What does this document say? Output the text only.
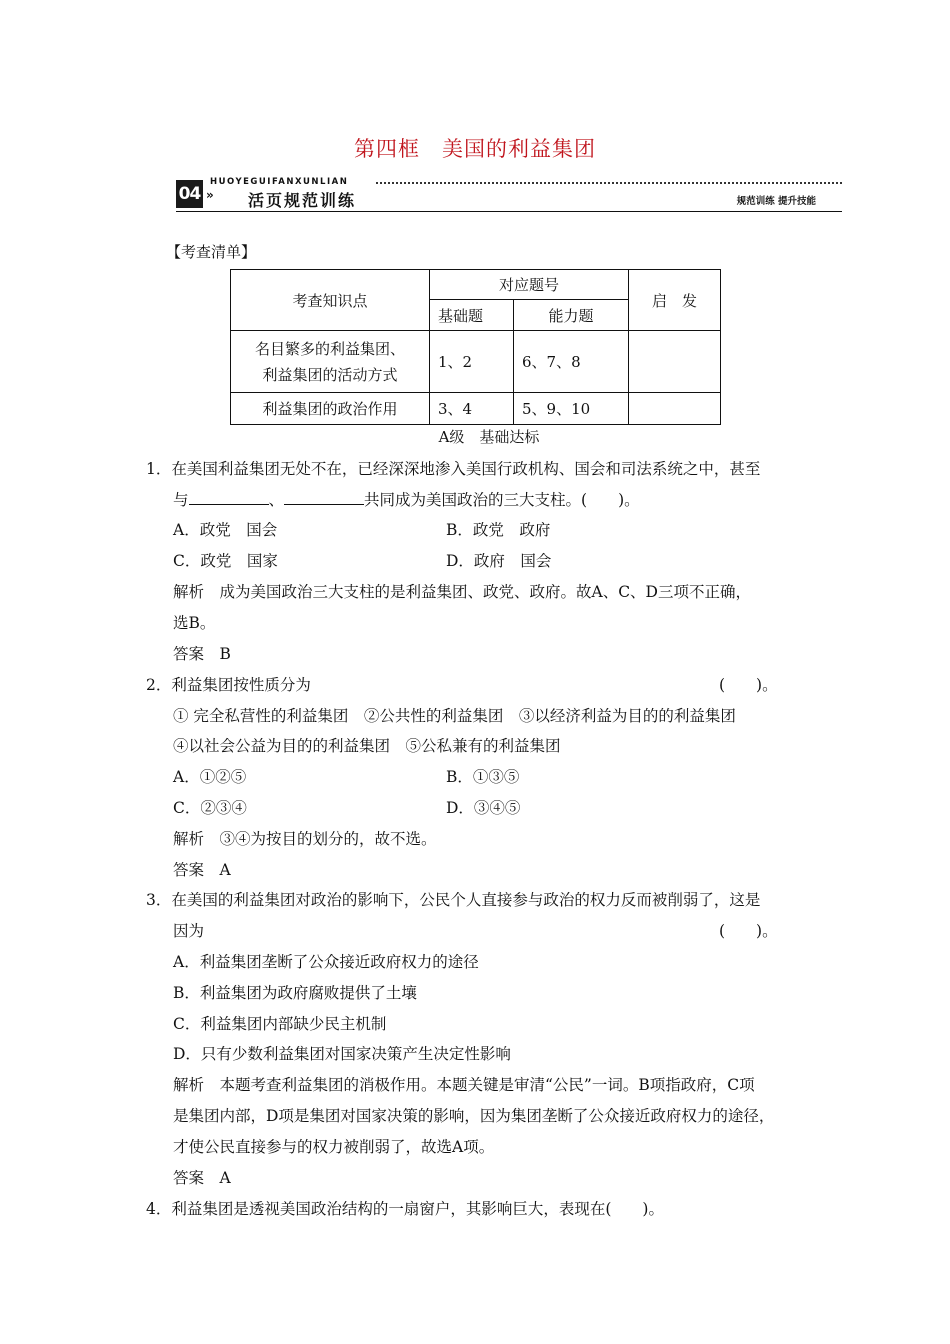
第四框　美国的利益集团
04 »
HUOYEGUIFANXUNLIAN
活页规范训练	规范训练 提升技能
【考查清单】
考查知识点	对应题号		启　发
	基础题	能力题	

名目繁多的利益集团、
利益集团的活动方式	1、2	6、7、8	
利益集团的政治作用	3、4	5、9、10	
A级　基础达标
1．在美国利益集团无处不在，已经深深地渗入美国行政机构、国会和司法系统之中，甚至
与	、	共同成为美国政治的三大支柱。(　　)。
A．政党　国会	B．政党　政府
C．政党　国家	D．政府　国会
解析　成为美国政治三大支柱的是利益集团、政党、政府。故A、C、D三项不正确，
选B。
答案　B
2．利益集团按性质分为	(　　)。
① 完全私营性的利益集团　②公共性的利益集团　③以经济利益为目的的利益集团
④以社会公益为目的的利益集团　⑤公私兼有的利益集团
A．①②⑤	B．①③⑤
C．②③④	D．③④⑤
解析　③④为按目的划分的，故不选。
答案　A
3．在美国的利益集团对政治的影响下，公民个人直接参与政治的权力反而被削弱了，这是
因为	(　　)。
A．利益集团垄断了公众接近政府权力的途径
B．利益集团为政府腐败提供了土壤
C．利益集团内部缺少民主机制
D．只有少数利益集团对国家决策产生决定性影响
解析　本题考查利益集团的消极作用。本题关键是审清“公民”一词。B项指政府，C项
是集团内部，D项是集团对国家决策的影响，因为集团垄断了公众接近政府权力的途径，
才使公民直接参与的权力被削弱了，故选A项。
答案　A
4．利益集团是透视美国政治结构的一扇窗户，其影响巨大，表现在(　　)。
